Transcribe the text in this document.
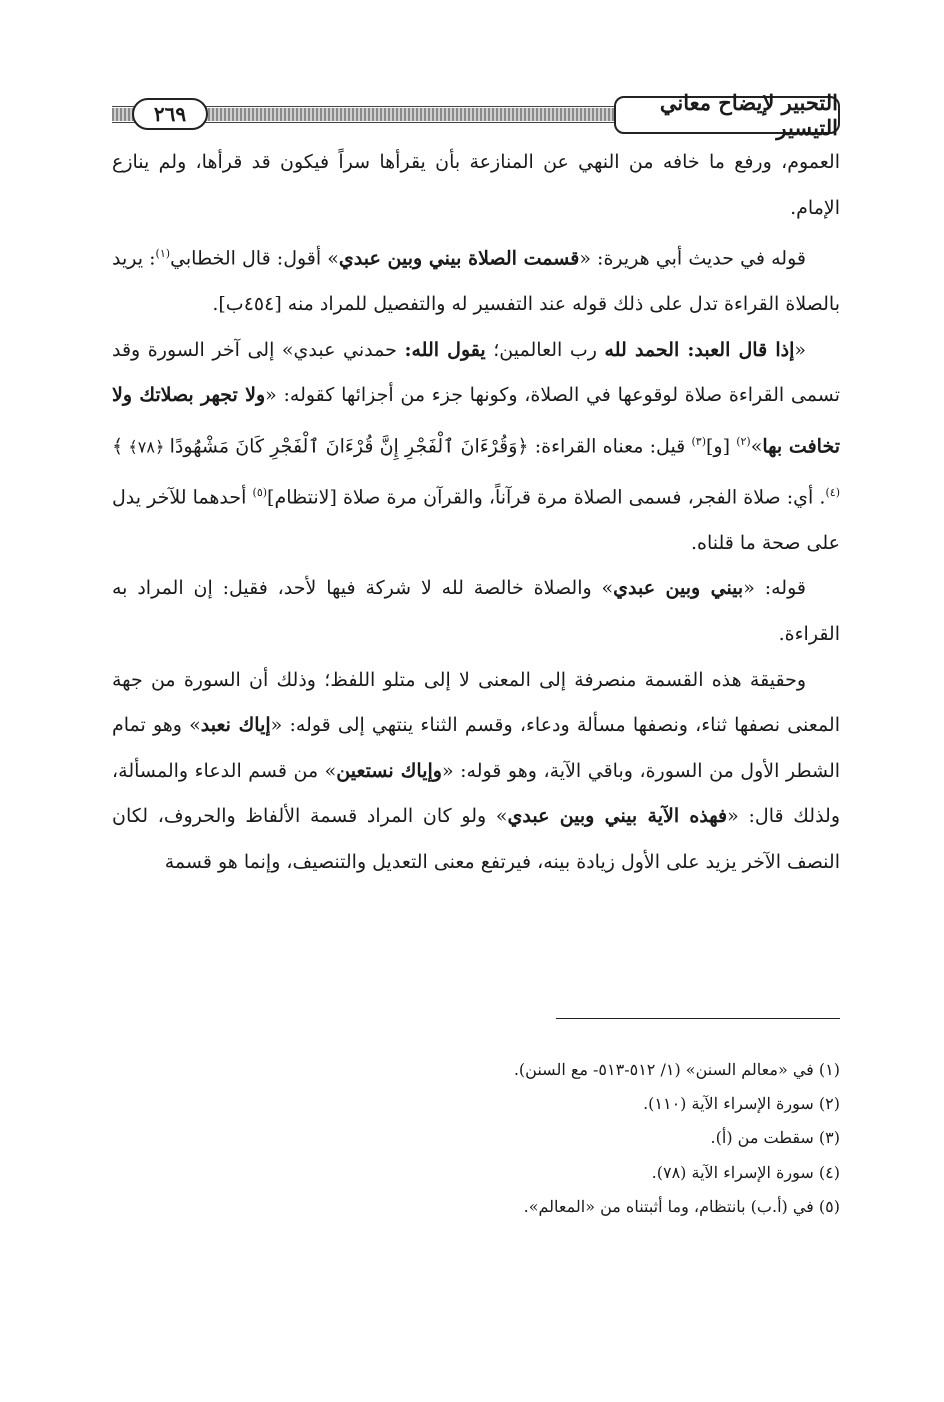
٢٦٩	التحبير لإيضاح معاني التيسير

العموم، ورفع ما خافه من النهي عن المنازعة بأن يقرأها سراً فيكون قد قرأها، ولم ينازع الإمام.

قوله في حديث أبي هريرة: «قسمت الصلاة بيني وبين عبدي» أقول: قال الخطابي$^{(١)}$: يريد بالصلاة القراءة تدل على ذلك قوله عند التفسير له والتفصيل للمراد منه [٤٥٤ب].

«إذا قال العبد: الحمد لله رب العالمين؛ يقول الله: حمدني عبدي» إلى آخر السورة وقد تسمى القراءة صلاة لوقوعها في الصلاة، وكونها جزء من أجزائها كقوله: «ولا تجهر بصلاتك ولا تخافت بها»$^{(٢)}$ [و]$^{(٣)}$ قيل: معناه القراءة: ﴿وَقُرْءَانَ ٱلْفَجْرِ إِنَّ قُرْءَانَ ٱلْفَجْرِ كَانَ مَشْهُودًا ﴿٧٨﴾ ﴾$^{(٤)}$. أي: صلاة الفجر، فسمى الصلاة مرة قرآناً، والقرآن مرة صلاة [لانتظام]$^{(٥)}$ أحدهما للآخر يدل على صحة ما قلناه.

قوله: «بيني وبين عبدي» والصلاة خالصة لله لا شركة فيها لأحد، فقيل: إن المراد به القراءة.

وحقيقة هذه القسمة منصرفة إلى المعنى لا إلى متلو اللفظ؛ وذلك أن السورة من جهة المعنى نصفها ثناء، ونصفها مسألة ودعاء، وقسم الثناء ينتهي إلى قوله: «إياك نعبد» وهو تمام الشطر الأول من السورة، وباقي الآية، وهو قوله: «وإياك نستعين» من قسم الدعاء والمسألة، ولذلك قال: «فهذه الآية بيني وبين عبدي» ولو كان المراد قسمة الألفاظ والحروف، لكان النصف الآخر يزيد على الأول زيادة بينه، فيرتفع معنى التعديل والتنصيف، وإنما هو قسمة

(١) في «معالم السنن» (١/ ٥١٢-٥١٣- مع السنن).

(٢) سورة الإسراء الآية (١١٠).

(٣) سقطت من (أ).

(٤) سورة الإسراء الآية (٧٨).

(٥) في (أ.ب) بانتظام، وما أثبتناه من «المعالم».
